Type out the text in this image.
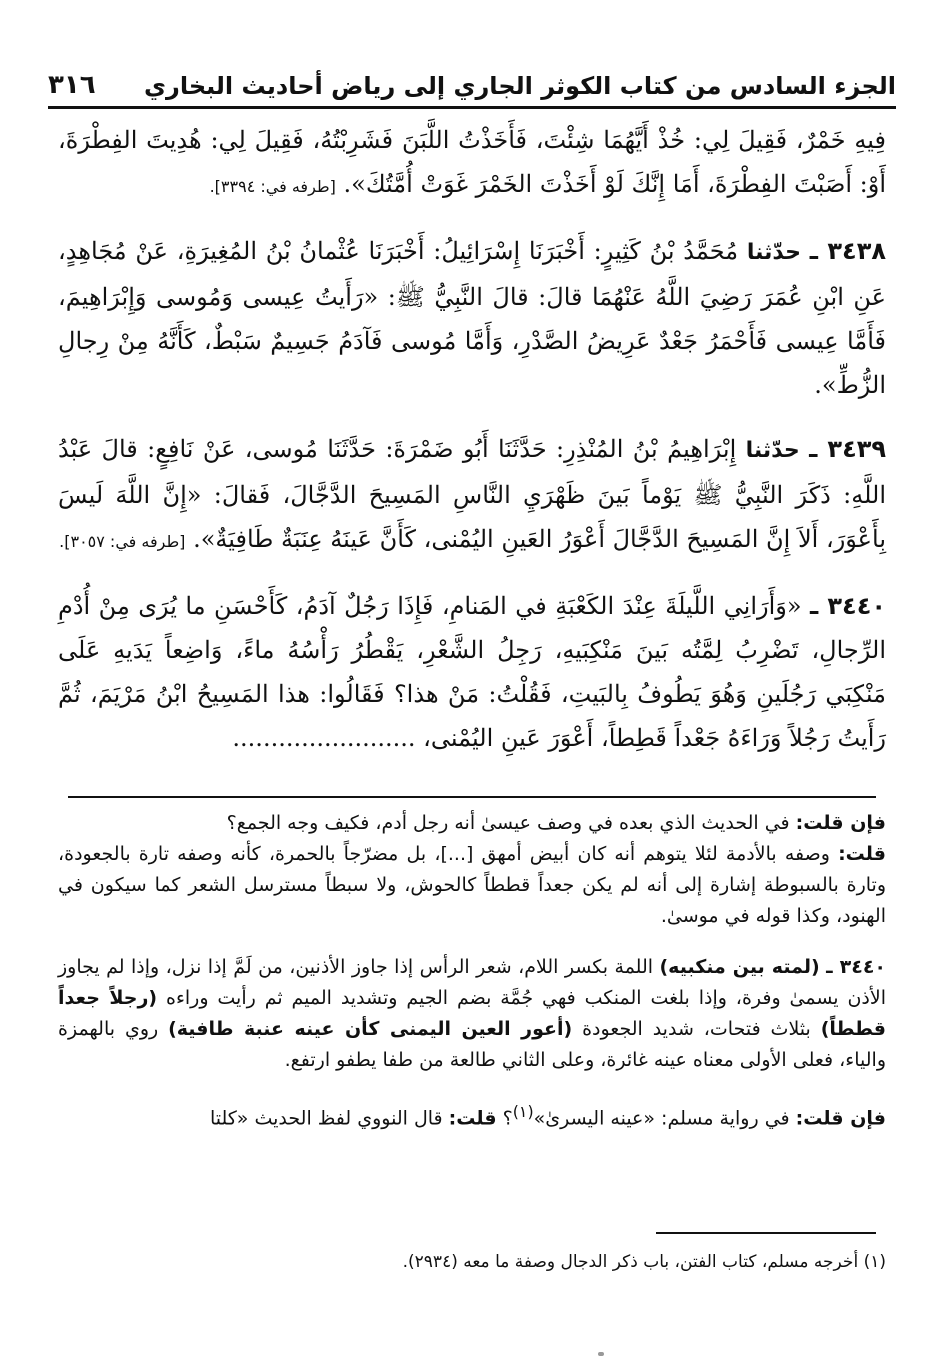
الجزء السادس من كتاب الكوثر الجاري إلى رياض أحاديث البخاري
٣١٦

فِيهِ خَمْرٌ، فَقِيلَ لِي: خُذْ أَيَّهُمَا شِئْتَ، فَأَخَذْتُ اللَّبَنَ فَشَرِبْتُهُ، فَقِيلَ لِي: هُدِيتَ الفِطْرَةَ، أَوْ: أَصَبْتَ الفِطْرَةَ، أَمَا إِنَّكَ لَوْ أَخَذْتَ الخَمْرَ غَوَتْ أُمَّتُكَ». [طرفه في: ٣٣٩٤].

٣٤٣٨ ـ حدّثنا مُحَمَّدُ بْنُ كَثِيرٍ: أَخْبَرَنَا إِسْرَائِيلُ: أَخْبَرَنَا عُثْمانُ بْنُ المُغِيرَةِ، عَنْ مُجَاهِدٍ، عَنِ ابْنِ عُمَرَ رَضِيَ اللَّهُ عَنْهُمَا قالَ: قالَ النَّبِيُّ ﷺ: «رَأَيتُ عِيسى وَمُوسى وَإِبْرَاهِيمَ، فَأَمَّا عِيسى فَأَحْمَرُ جَعْدٌ عَرِيضُ الصَّدْرِ، وَأَمَّا مُوسى فَآدَمُ جَسِيمٌ سَبْطٌ، كَأَنَّهُ مِنْ رِجالِ الزُّطِّ».

٣٤٣٩ ـ حدّثنا إِبْرَاهِيمُ بْنُ المُنْذِرِ: حَدَّثَنَا أَبُو ضَمْرَةَ: حَدَّثَنَا مُوسى، عَنْ نَافِعٍ: قالَ عَبْدُ اللَّهِ: ذَكَرَ النَّبِيُّ ﷺ يَوْماً بَينَ ظَهْرَيِ النَّاسِ المَسِيحَ الدَّجَّالَ، فَقالَ: «إِنَّ اللَّهَ لَيسَ بِأَعْوَرَ، أَلاَ إِنَّ المَسِيحَ الدَّجَّالَ أَعْوَرُ العَينِ اليُمْنى، كَأَنَّ عَينَهُ عِنَبَةٌ طَافِيَةٌ». [طرفه في: ٣٠٥٧].

٣٤٤٠ ـ «وَأَرَانِي اللَّيلَةَ عِنْدَ الكَعْبَةِ في المَنامِ، فَإِذَا رَجُلٌ آدَمُ، كَأَحْسَنِ ما يُرَى مِنْ أُدْمِ الرِّجالِ، تَضْرِبُ لِمَّتُه بَينَ مَنْكِبَيهِ، رَجِلُ الشَّعْرِ، يَقْطُرُ رَأْسُهُ ماءً، وَاضِعاً يَدَيهِ عَلَى مَنْكِبَي رَجُلَينِ وَهُوَ يَطُوفُ بِالبَيتِ، فَقُلْتُ: مَنْ هذا؟ فَقَالُوا: هذا المَسِيحُ ابْنُ مَرْيَمَ، ثُمَّ رَأَيتُ رَجُلاً وَرَاءَهُ جَعْداً قَطِطاً، أَعْوَرَ عَينِ اليُمْنى، ........................

فإن قلت: في الحديث الذي بعده في وصف عيسىٰ أنه رجل أدم، فكيف وجه الجمع؟
قلت: وصفه بالأدمة لئلا يتوهم أنه كان أبيض أمهق [...]، بل مضرّجاً بالحمرة، كأنه وصفه تارة بالجعودة، وتارة بالسبوطة إشارة إلى أنه لم يكن جعداً قططاً كالحوش، ولا سبطاً مسترسل الشعر كما سيكون في الهنود، وكذا قوله في موسىٰ.

٣٤٤٠ ـ (لمته بين منكبيه) اللمة بكسر اللام، شعر الرأس إذا جاوز الأذنين، من لَمَّ إذا نزل، وإذا لم يجاوز الأذن يسمىٰ وفرة، وإذا بلغت المنكب فهي جُمَّة بضم الجيم وتشديد الميم ثم رأيت وراءه (رجلاً جعداً قططاً) بثلاث فتحات، شديد الجعودة (أعور العين اليمنى كأن عينه عنبة طافية) روي بالهمزة والياء، فعلى الأولى معناه عينه غائرة، وعلى الثاني طالعة من طفا يطفو ارتفع.

فإن قلت: في رواية مسلم: «عينه اليسرىٰ»$^{(١)}$؟ قلت: قال النووي لفظ الحديث «كلتا

(١) أخرجه مسلم، كتاب الفتن، باب ذكر الدجال وصفة ما معه (٢٩٣٤).
